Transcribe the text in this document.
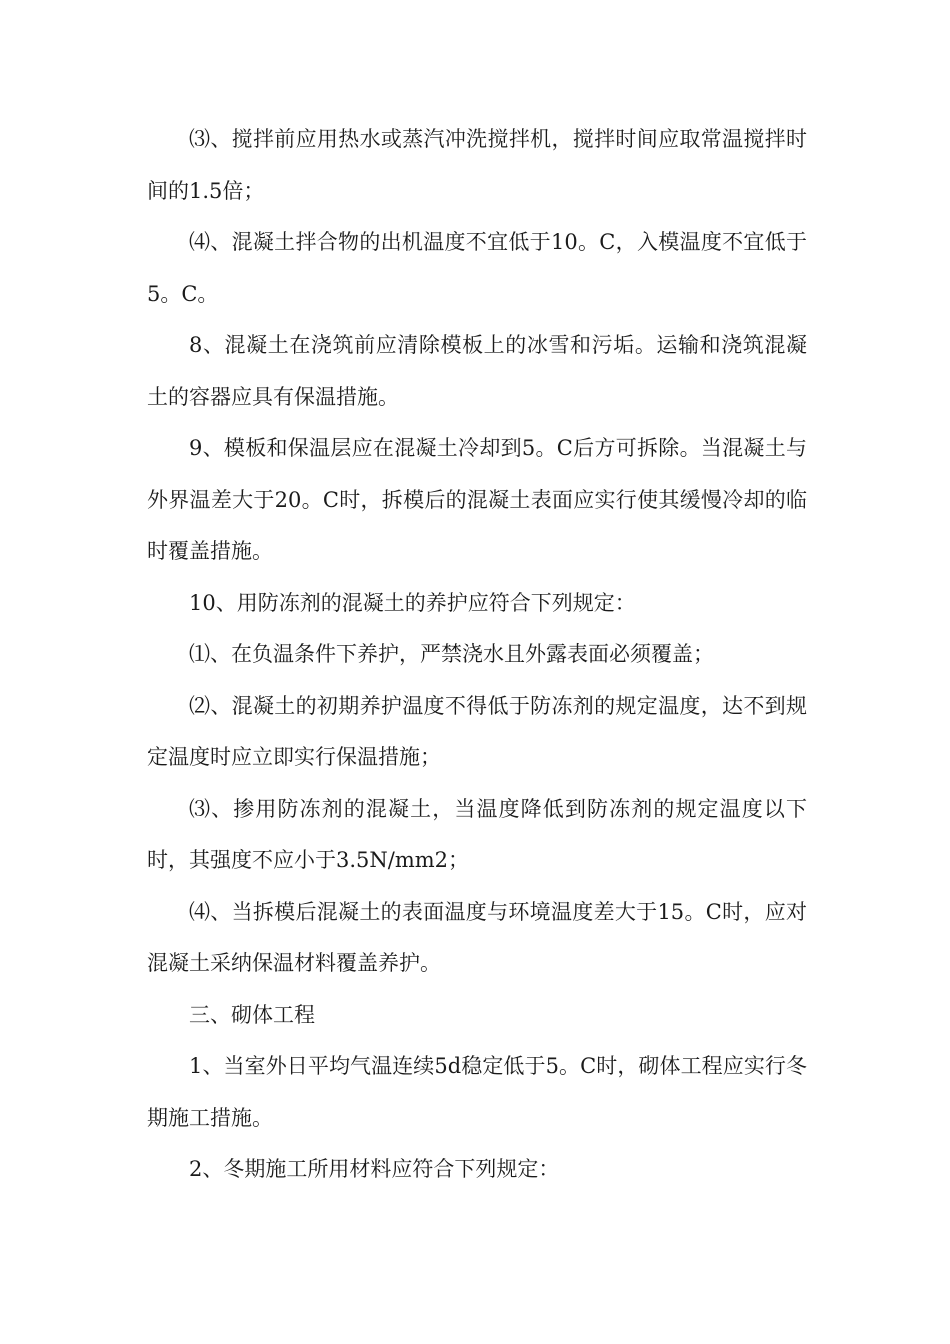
⑶、搅拌前应用热水或蒸汽冲洗搅拌机，搅拌时间应取常温搅拌时间的1.5倍；

⑷、混凝土拌合物的出机温度不宜低于10。C，入模温度不宜低于5。C。

8、混凝土在浇筑前应清除模板上的冰雪和污垢。运输和浇筑混凝土的容器应具有保温措施。

9、模板和保温层应在混凝土冷却到5。C后方可拆除。当混凝土与外界温差大于20。C时，拆模后的混凝土表面应实行使其缓慢冷却的临时覆盖措施。

10、用防冻剂的混凝土的养护应符合下列规定：

⑴、在负温条件下养护，严禁浇水且外露表面必须覆盖；

⑵、混凝土的初期养护温度不得低于防冻剂的规定温度，达不到规定温度时应立即实行保温措施；

⑶、掺用防冻剂的混凝土，当温度降低到防冻剂的规定温度以下时，其强度不应小于3.5N/mm2；

⑷、当拆模后混凝土的表面温度与环境温度差大于15。C时，应对混凝土采纳保温材料覆盖养护。

三、砌体工程

1、当室外日平均气温连续5d稳定低于5。C时，砌体工程应实行冬期施工措施。

2、冬期施工所用材料应符合下列规定：
